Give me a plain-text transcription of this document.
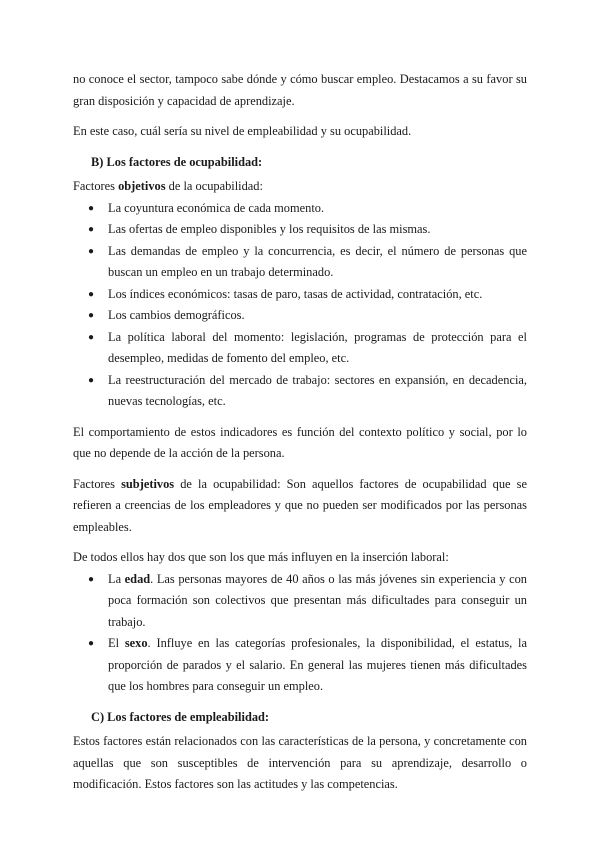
no conoce el sector, tampoco sabe dónde y cómo buscar empleo. Destacamos a su favor su gran disposición y capacidad de aprendizaje.

En este caso, cuál sería su nivel de empleabilidad y su ocupabilidad.

B) Los factores de ocupabilidad:

Factores objetivos de la ocupabilidad:

● La coyuntura económica de cada momento.
● Las ofertas de empleo disponibles y los requisitos de las mismas.
● Las demandas de empleo y la concurrencia, es decir, el número de personas que buscan un empleo en un trabajo determinado.
● Los índices económicos: tasas de paro, tasas de actividad, contratación, etc.
● Los cambios demográficos.
● La política laboral del momento: legislación, programas de protección para el desempleo, medidas de fomento del empleo, etc.
● La reestructuración del mercado de trabajo: sectores en expansión, en decadencia, nuevas tecnologías, etc.

El comportamiento de estos indicadores es función del contexto político y social, por lo que no depende de la acción de la persona.

Factores subjetivos de la ocupabilidad: Son aquellos factores de ocupabilidad que se refieren a creencias de los empleadores y que no pueden ser modificados por las personas empleables.

De todos ellos hay dos que son los que más influyen en la inserción laboral:

● La edad. Las personas mayores de 40 años o las más jóvenes sin experiencia y con poca formación son colectivos que presentan más dificultades para conseguir un trabajo.
● El sexo. Influye en las categorías profesionales, la disponibilidad, el estatus, la proporción de parados y el salario. En general las mujeres tienen más dificultades que los hombres para conseguir un empleo.
C) Los factores de empleabilidad:

Estos factores están relacionados con las características de la persona, y concretamente con aquellas que son susceptibles de intervención para su aprendizaje, desarrollo o modificación. Estos factores son las actitudes y las competencias.
